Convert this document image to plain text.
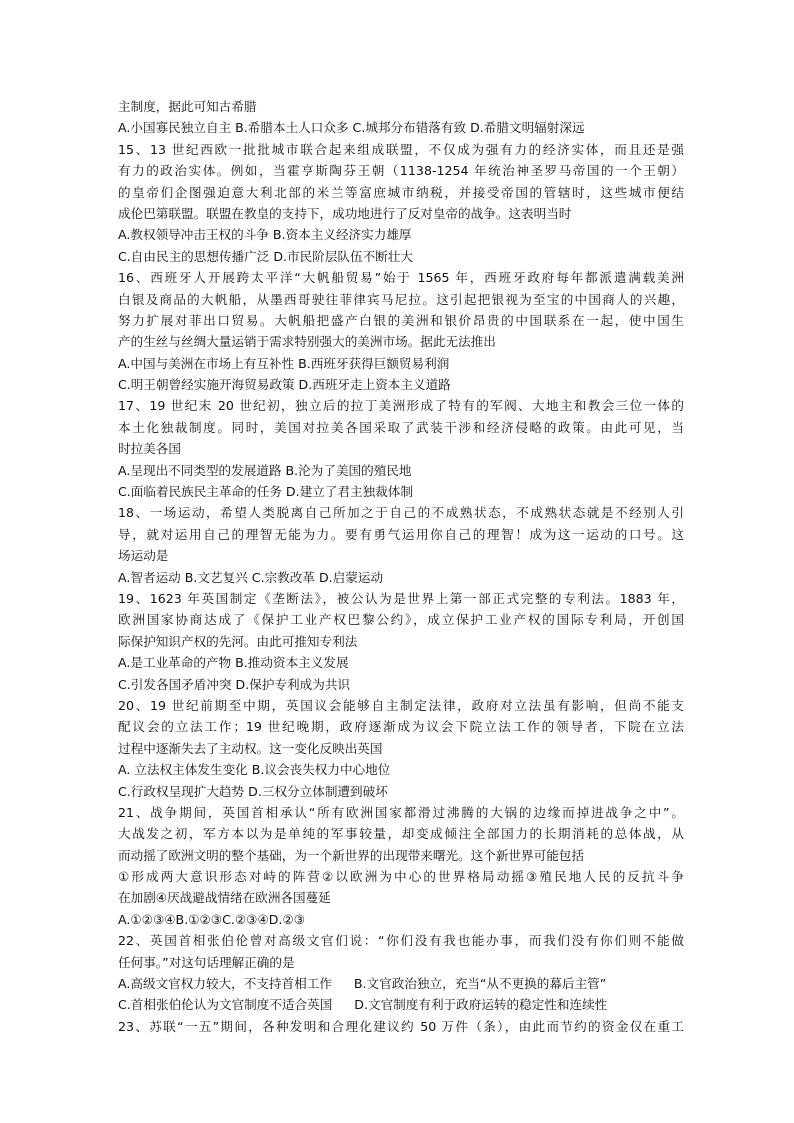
主制度，据此可知古希腊
A.小国寡民独立自主 B.希腊本土人口众多 C.城邦分布错落有致 D.希腊文明辐射深远
15、13 世纪西欧一批批城市联合起来组成联盟，不仅成为强有力的经济实体，而且还是强
有力的政治实体。例如，当霍亨斯陶芬王朝（1138-1254 年统治神圣罗马帝国的一个王朝）
的皇帝们企图强迫意大利北部的米兰等富庶城市纳税，并接受帝国的管辖时，这些城市便结
成伦巴第联盟。联盟在教皇的支持下，成功地进行了反对皇帝的战争。这表明当时
A.教权领导冲击王权的斗争 B.资本主义经济实力雄厚
C.自由民主的思想传播广泛 D.市民阶层队伍不断壮大
16、西班牙人开展跨太平洋“大帆船贸易”始于 1565 年，西班牙政府每年都派遣满载美洲
白银及商品的大帆船，从墨西哥驶往菲律宾马尼拉。这引起把银视为至宝的中国商人的兴趣，
努力扩展对菲出口贸易。大帆船把盛产白银的美洲和银价昂贵的中国联系在一起，使中国生
产的生丝与丝绸大量运销于需求特别强大的美洲市场。据此无法推出
A.中国与美洲在市场上有互补性 B.西班牙获得巨额贸易利润
C.明王朝曾经实施开海贸易政策 D.西班牙走上资本主义道路
17、19 世纪末 20 世纪初，独立后的拉丁美洲形成了特有的军阀、大地主和教会三位一体的
本土化独裁制度。同时，美国对拉美各国采取了武装干涉和经济侵略的政策。由此可见，当
时拉美各国
A.呈现出不同类型的发展道路 B.沦为了美国的殖民地
C.面临着民族民主革命的任务 D.建立了君主独裁体制
18、一场运动，希望人类脱离自己所加之于自己的不成熟状态，不成熟状态就是不经别人引
导，就对运用自己的理智无能为力。要有勇气运用你自己的理智！成为这一运动的口号。这
场运动是
A.智者运动 B.文艺复兴 C.宗教改革 D.启蒙运动
19、1623 年英国制定《垄断法》，被公认为是世界上第一部正式完整的专利法。1883 年，
欧洲国家协商达成了《保护工业产权巴黎公约》，成立保护工业产权的国际专利局，开创国
际保护知识产权的先河。由此可推知专利法
A.是工业革命的产物 B.推动资本主义发展
C.引发各国矛盾冲突 D.保护专利成为共识
20、19 世纪前期至中期，英国议会能够自主制定法律，政府对立法虽有影响，但尚不能支
配议会的立法工作；19 世纪晚期，政府逐渐成为议会下院立法工作的领导者，下院在立法
过程中逐渐失去了主动权。这一变化反映出英国
A. 立法权主体发生变化 B.议会丧失权力中心地位
C.行政权呈现扩大趋势 D.三权分立体制遭到破坏
21、战争期间，英国首相承认“所有欧洲国家都滑过沸腾的大锅的边缘而掉进战争之中”。
大战发之初，军方本以为是单纯的军事较量，却变成倾注全部国力的长期消耗的总体战，从
而动摇了欧洲文明的整个基础，为一个新世界的出现带来曙光。这个新世界可能包括
①形成两大意识形态对峙的阵营②以欧洲为中心的世界格局动摇③殖民地人民的反抗斗争
在加剧④厌战避战情绪在欧洲各国蔓延
A.①②③④B.①②③C.②③④D.②③
22、英国首相张伯伦曾对高级文官们说：“你们没有我也能办事，而我们没有你们则不能做
任何事。”对这句话理解正确的是
A.高级文官权力较大，不支持首相工作 B.文官政治独立，充当“从不更换的幕后主管”
C.首相张伯伦认为文官制度不适合英国 D.文官制度有利于政府运转的稳定性和连续性
23、苏联“一五”期间，各种发明和合理化建议约 50 万件（条），由此而节约的资金仅在重工
